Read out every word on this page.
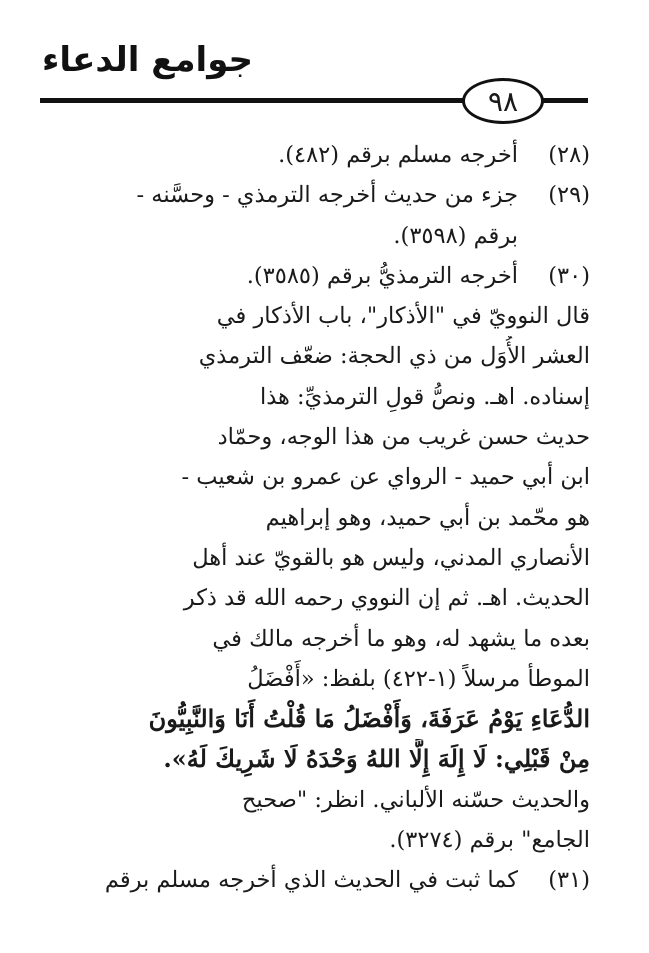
جوامع الدعاء
٩٨
(٢٨)
أخرجه مسلم برقم (٤٨٢).
(٢٩)
جزء من حديث أخرجه الترمذي - وحسَّنه -
برقم (٣٥٩٨).
(٣٠)
أخرجه الترمذيُّ برقم (٣٥٨٥).
قال النوويّ في "الأذكار"، باب الأذكار في
العشر الأُوَل من ذي الحجة: ضعّف الترمذي
إسناده. اهـ. ونصُّ قولِ الترمذيِّ: هذا
حديث حسن غريب من هذا الوجه، وحمّاد
ابن أبي حميد - الرواي عن عمرو بن شعيب -
هو محّمد بن أبي حميد، وهو إبراهيم
الأنصاري المدني، وليس هو بالقويّ عند أهل
الحديث. اهـ. ثم إن النووي رحمه الله قد ذكر
بعده ما يشهد له، وهو ما أخرجه مالك في
الموطأ مرسلاً (١-٤٢٢) بلفظ: «أَفْضَلُ
الدُّعَاءِ يَوْمُ عَرَفَةَ، وَأَفْضَلُ مَا قُلْتُ أَنَا وَالنَّبِيُّونَ
مِنْ قَبْلِي: لَا إِلَهَ إِلَّا اللهُ وَحْدَهُ لَا شَرِيكَ لَهُ».
والحديث حسّنه الألباني. انظر: "صحيح
الجامع" برقم (٣٢٧٤).
(٣١)
كما ثبت في الحديث الذي أخرجه مسلم برقم
